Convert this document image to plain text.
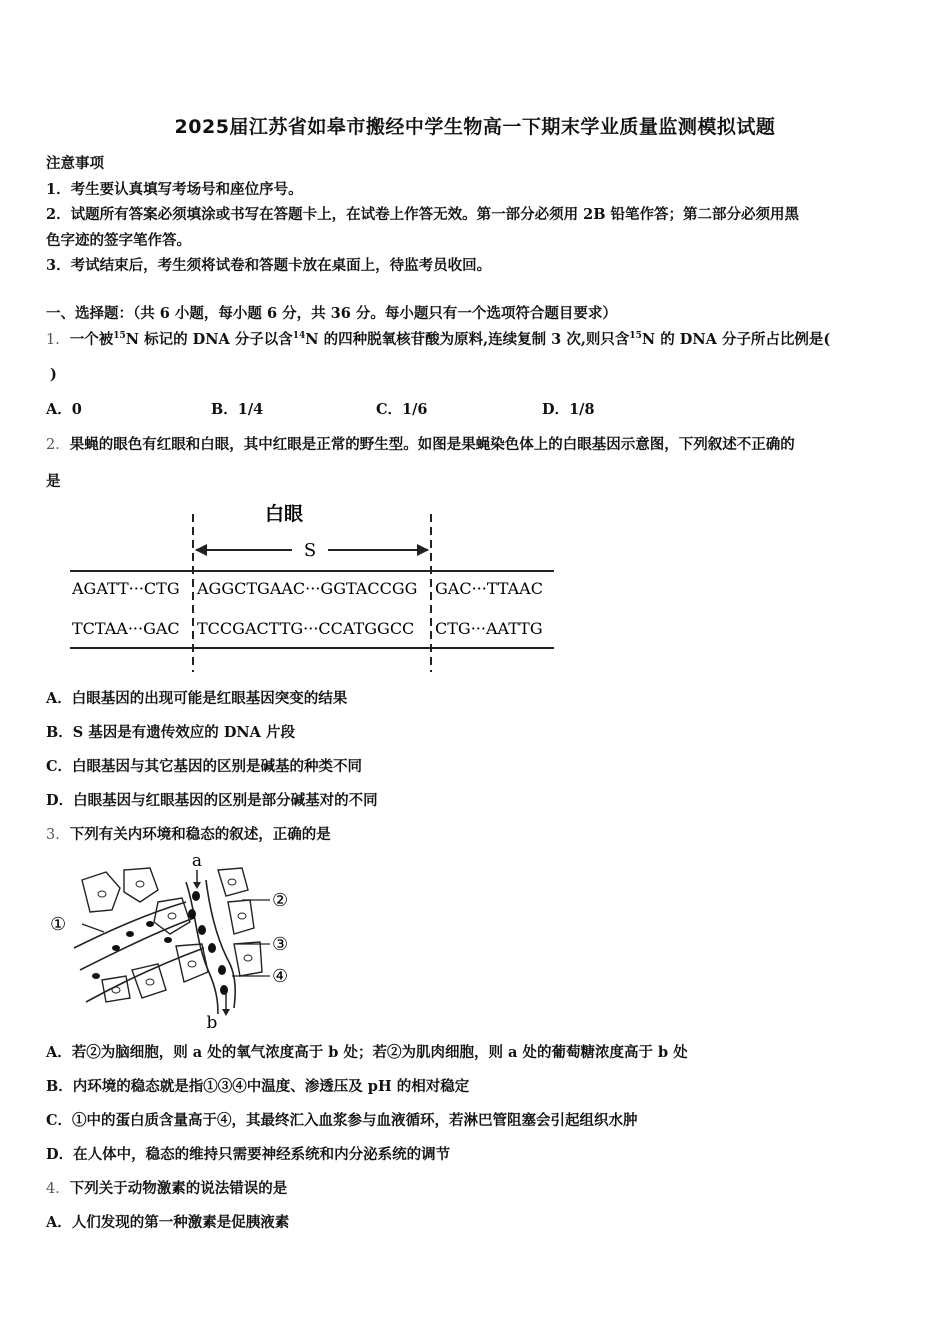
2025届江苏省如皋市搬经中学生物高一下期末学业质量监测模拟试题
注意事项
1．考生要认真填写考场号和座位序号。
2．试题所有答案必须填涂或书写在答题卡上，在试卷上作答无效。第一部分必须用 2B 铅笔作答；第二部分必须用黑
色字迹的签字笔作答。
3．考试结束后，考生须将试卷和答题卡放在桌面上，待监考员收回。
一、选择题：（共 6 小题，每小题 6 分，共 36 分。每小题只有一个选项符合题目要求）
1．一个被$^{15}$N 标记的 DNA 分子以含$^{14}$N 的四种脱氧核苷酸为原料,连续复制 3 次,则只含$^{15}$N 的 DNA 分子所占比例是(
)
A．0	B．1/4	C．1/6	D．1/8
2．果蝇的眼色有红眼和白眼，其中红眼是正常的野生型。如图是果蝇染色体上的白眼基因示意图，下列叙述不正确的
是
白眼
S
AGATT···CTG AGGCTGAAC···GGTACCGG GAC···TTAAC
TCTAA···GAC TCCGACTTG···CCATGGCC CTG···AATTG
A．白眼基因的出现可能是红眼基因突变的结果
B．S 基因是有遗传效应的 DNA 片段
C．白眼基因与其它基因的区别是碱基的种类不同
D．白眼基因与红眼基因的区别是部分碱基对的不同
3．下列有关内环境和稳态的叙述，正确的是
a
b
①
②
③
④
A．若②为脑细胞，则 a 处的氧气浓度高于 b 处；若②为肌肉细胞，则 a 处的葡萄糖浓度高于 b 处
B．内环境的稳态就是指①③④中温度、渗透压及 pH 的相对稳定
C．①中的蛋白质含量高于④，其最终汇入血浆参与血液循环，若淋巴管阻塞会引起组织水肿
D．在人体中，稳态的维持只需要神经系统和内分泌系统的调节
4．下列关于动物激素的说法错误的是
A．人们发现的第一种激素是促胰液素
